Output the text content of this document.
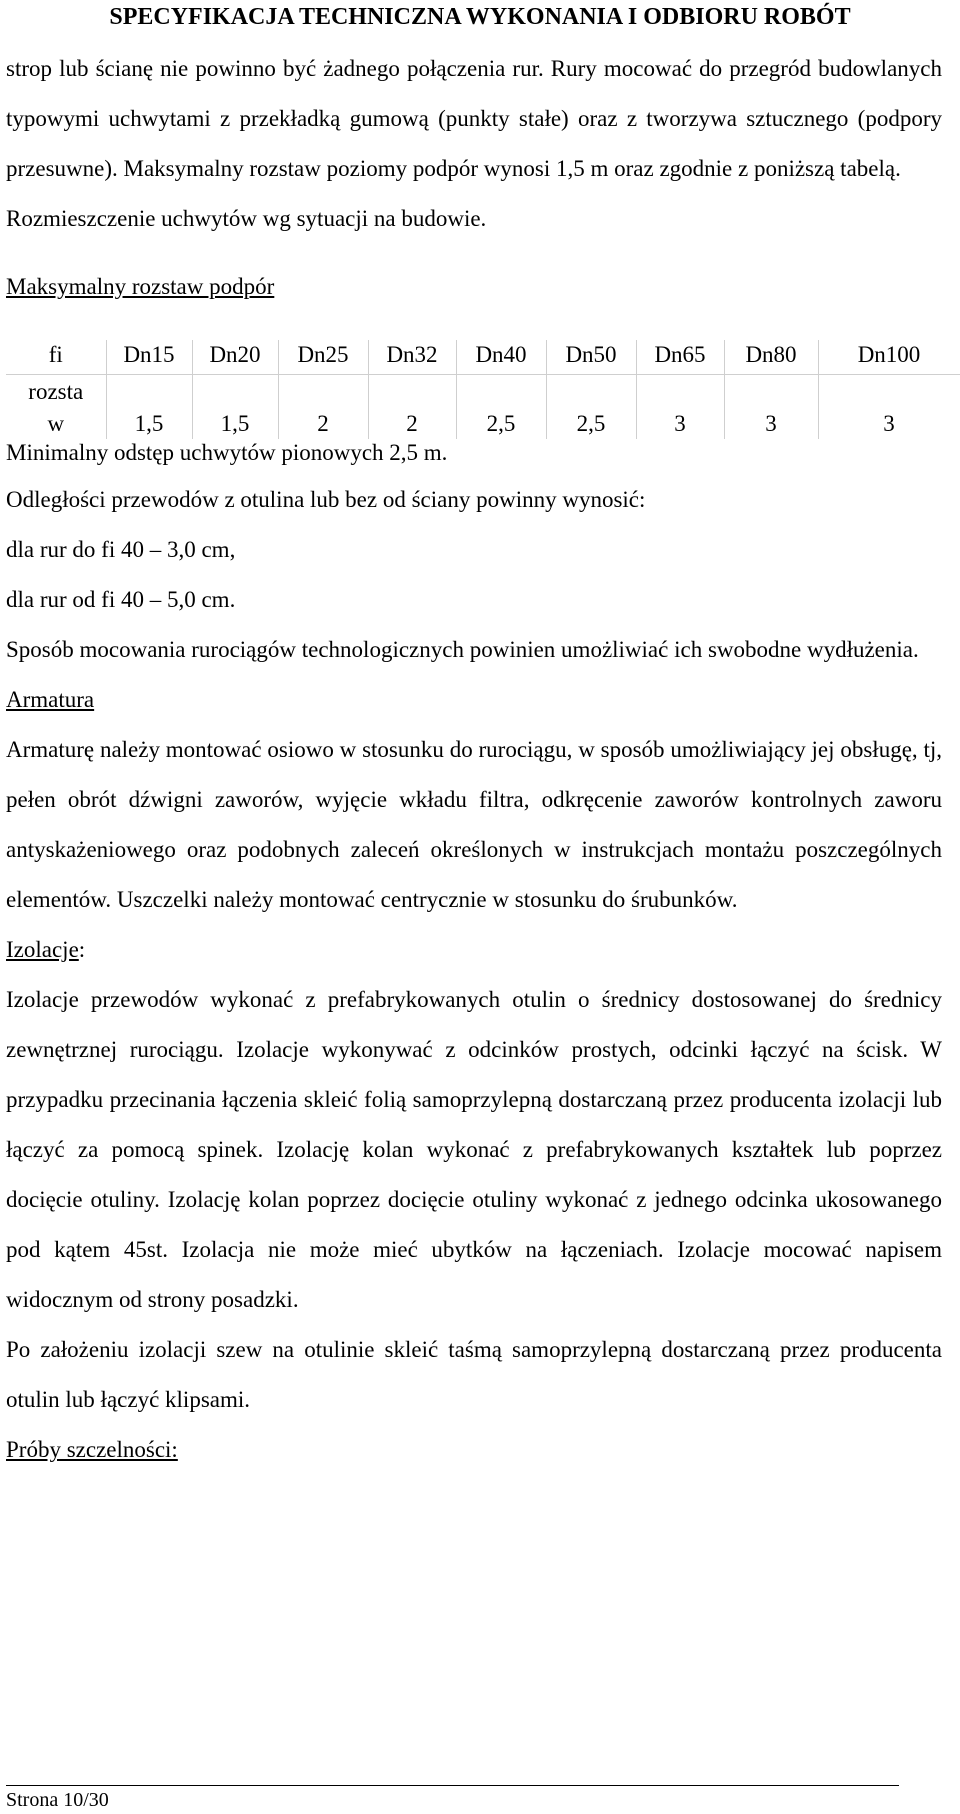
SPECYFIKACJA TECHNICZNA WYKONANIA I ODBIORU ROBÓT

strop lub ścianę nie powinno być żadnego połączenia rur. Rury mocować do przegród budowlanych typowymi uchwytami z przekładką gumową (punkty stałe) oraz z tworzywa sztucznego (podpory przesuwne). Maksymalny rozstaw poziomy podpór wynosi 1,5 m oraz zgodnie z poniższą tabelą.

Rozmieszczenie uchwytów wg sytuacji na budowie.

Maksymalny rozstaw podpór

fi	Dn15	Dn20	Dn25	Dn32	Dn40	Dn50	Dn65	Dn80	Dn100
rozsta									
w	1,5	1,5	2	2	2,5	2,5	3	3	3

Minimalny odstęp uchwytów pionowych 2,5 m.

Odległości przewodów z otulina lub bez od ściany powinny wynosić:

dla rur do fi 40 – 3,0 cm,

dla rur od fi 40 – 5,0 cm.

Sposób mocowania rurociągów technologicznych powinien umożliwiać ich swobodne wydłużenia.

Armatura

Armaturę należy montować osiowo w stosunku do rurociągu, w sposób umożliwiający jej obsługę, tj, pełen obrót dźwigni zaworów, wyjęcie wkładu filtra, odkręcenie zaworów kontrolnych zaworu antyskażeniowego oraz podobnych zaleceń określonych w instrukcjach montażu poszczególnych elementów. Uszczelki należy montować centrycznie w stosunku do śrubunków.

Izolacje:

Izolacje przewodów wykonać z prefabrykowanych otulin o średnicy dostosowanej do średnicy zewnętrznej rurociągu. Izolacje wykonywać z odcinków prostych, odcinki łączyć na ścisk. W przypadku przecinania łączenia skleić folią samoprzylepną dostarczaną przez producenta izolacji lub łączyć za pomocą spinek. Izolację kolan wykonać z prefabrykowanych kształtek lub poprzez docięcie otuliny. Izolację kolan poprzez docięcie otuliny wykonać z jednego odcinka ukosowanego pod kątem 45st. Izolacja nie może mieć ubytków na łączeniach. Izolacje mocować napisem widocznym od strony posadzki.

Po założeniu izolacji szew na otulinie skleić taśmą samoprzylepną dostarczaną przez producenta otulin lub łączyć klipsami.

Próby szczelności:

Strona 10/30
